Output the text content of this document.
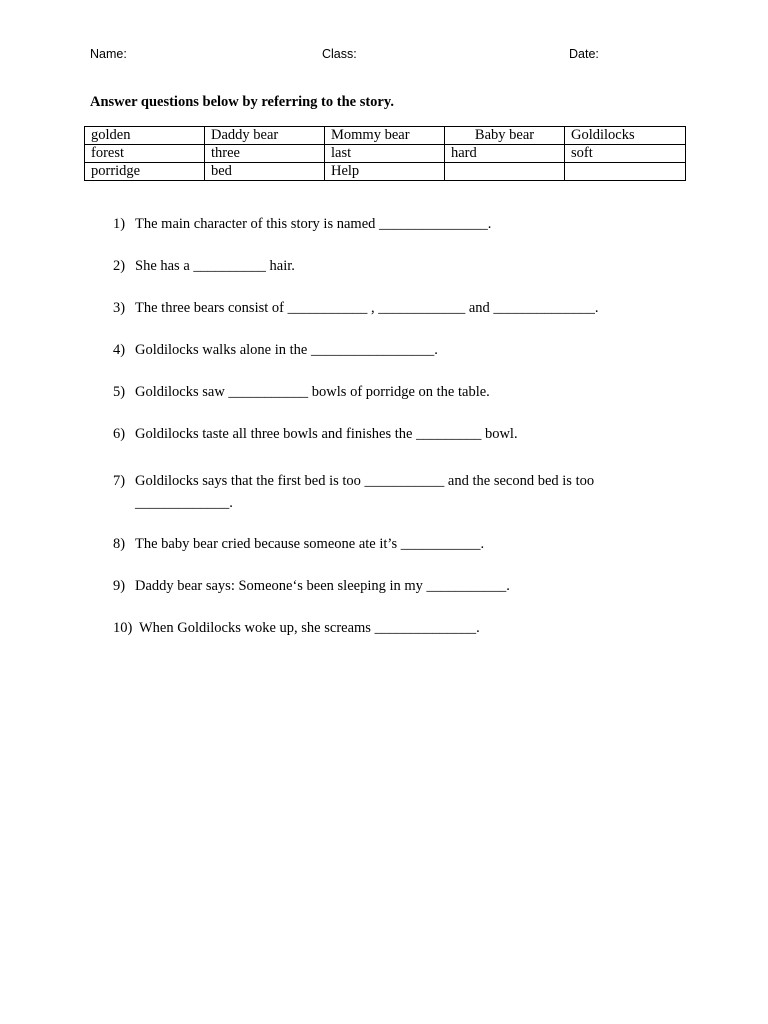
Name:	Class:	Date:
Answer questions below by referring to the story.
golden	Daddy bear	Mommy bear	Baby bear	Goldilocks
forest	three	last	hard	soft
porridge	bed	Help		
1) The main character of this story is named _______________.
2) She has a __________ hair.
3) The three bears consist of ___________ , ____________ and ______________.
4) Goldilocks walks alone in the _________________.
5) Goldilocks saw ___________ bowls of porridge on the table.
6) Goldilocks taste all three bowls and finishes the _________ bowl.
7) Goldilocks says that the first bed is too ___________ and the second bed is too
_____________.
8) The baby bear cried because someone ate it’s ___________.
9) Daddy bear says: Someone‘s been sleeping in my ___________.
10) When Goldilocks woke up, she screams ______________.
